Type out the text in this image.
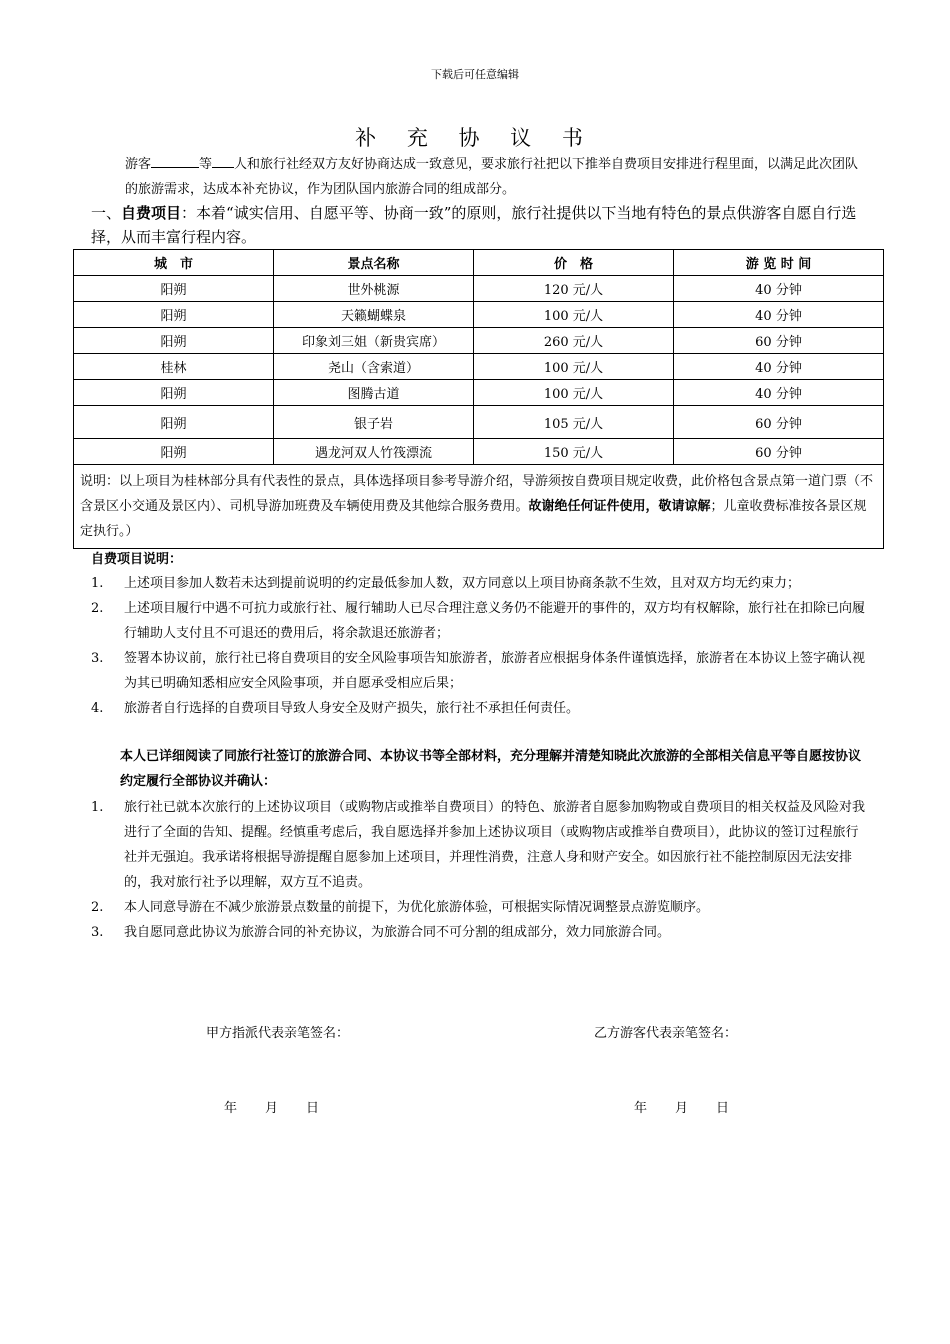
下载后可任意编辑
补 充 协 议 书
游客	等 人和旅行社经双方友好协商达成一致意见，要求旅行社把以下推举自费项目安排进行程里面，以满足此次团队的旅游需求，达成本补充协议，作为团队国内旅游合同的组成部分。
一、自费项目：本着“诚实信用、自愿平等、协商一致”的原则，旅行社提供以下当地有特色的景点供游客自愿自行选择，从而丰富行程内容。
城　市	景点名称	价　格	游 览 时 间
阳朔	世外桃源	120 元/人	40 分钟
阳朔	天籁蝴蝶泉	100 元/人	40 分钟
阳朔	印象刘三姐（新贵宾席）	260 元/人	60 分钟
桂林	尧山（含索道）	100 元/人	40 分钟
阳朔	图腾古道	100 元/人	40 分钟
阳朔	银子岩	105 元/人	60 分钟
阳朔	遇龙河双人竹筏漂流	150 元/人	60 分钟
说明：以上项目为桂林部分具有代表性的景点，具体选择项目参考导游介绍，导游须按自费项目规定收费，此价格包含景点第一道门票（不含景区小交通及景区内）、司机导游加班费及车辆使用费及其他综合服务费用。故谢绝任何证件使用，敬请谅解；儿童收费标准按各景区规定执行。）			
自费项目说明：
1. 上述项目参加人数若未达到提前说明的约定最低参加人数，双方同意以上项目协商条款不生效，且对双方均无约束力；
2. 上述项目履行中遇不可抗力或旅行社、履行辅助人已尽合理注意义务仍不能避开的事件的，双方均有权解除，旅行社在扣除已向履行辅助人支付且不可退还的费用后，将余款退还旅游者；
3. 签署本协议前，旅行社已将自费项目的安全风险事项告知旅游者，旅游者应根据身体条件谨慎选择，旅游者在本协议上签字确认视为其已明确知悉相应安全风险事项，并自愿承受相应后果；
4. 旅游者自行选择的自费项目导致人身安全及财产损失，旅行社不承担任何责任。
本人已详细阅读了同旅行社签订的旅游合同、本协议书等全部材料，充分理解并清楚知晓此次旅游的全部相关信息平等自愿按协议约定履行全部协议并确认：
1. 旅行社已就本次旅行的上述协议项目（或购物店或推举自费项目）的特色、旅游者自愿参加购物或自费项目的相关权益及风险对我进行了全面的告知、提醒。经慎重考虑后，我自愿选择并参加上述协议项目（或购物店或推举自费项目），此协议的签订过程旅行社并无强迫。我承诺将根据导游提醒自愿参加上述项目，并理性消费，注意人身和财产安全。如因旅行社不能控制原因无法安排的，我对旅行社予以理解，双方互不追责。
2. 本人同意导游在不减少旅游景点数量的前提下，为优化旅游体验，可根据实际情况调整景点游览顺序。
3. 我自愿同意此协议为旅游合同的补充协议，为旅游合同不可分割的组成部分，效力同旅游合同。
甲方指派代表亲笔签名：	乙方游客代表亲笔签名：
年 月 日	年 月 日
